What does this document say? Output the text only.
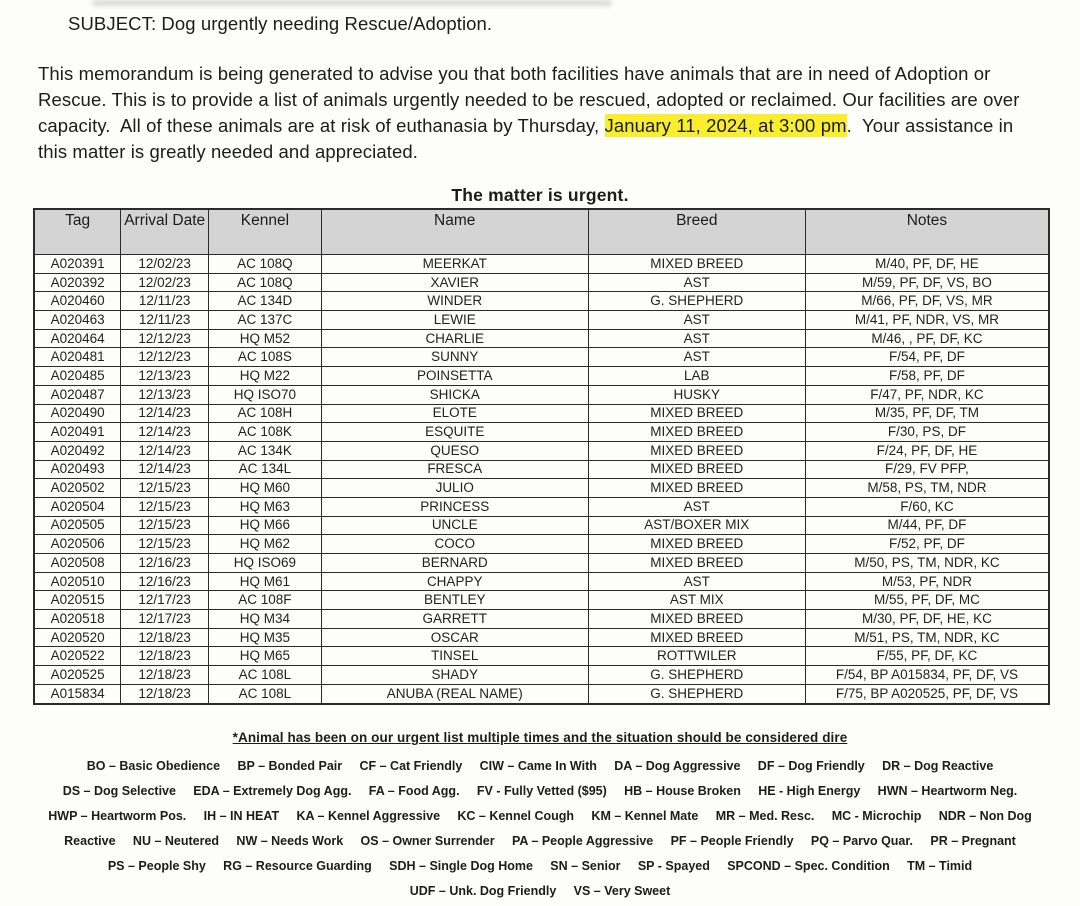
SUBJECT: Dog urgently needing Rescue/Adoption.
This memorandum is being generated to advise you that both facilities have animals that are in need of Adoption or Rescue. This is to provide a list of animals urgently needed to be rescued, adopted or reclaimed. Our facilities are over capacity.  All of these animals are at risk of euthanasia by Thursday, January 11, 2024, at 3:00 pm.  Your assistance in this matter is greatly needed and appreciated.
The matter is urgent.
Tag	Arrival Date	Kennel	Name	Breed	Notes
A020391	12/02/23	AC 108Q	MEERKAT	MIXED BREED	M/40, PF, DF, HE
A020392	12/02/23	AC 108Q	XAVIER	AST	M/59, PF, DF, VS, BO
A020460	12/11/23	AC 134D	WINDER	G. SHEPHERD	M/66, PF, DF, VS, MR
A020463	12/11/23	AC 137C	LEWIE	AST	M/41, PF, NDR, VS, MR
A020464	12/12/23	HQ M52	CHARLIE	AST	M/46, , PF, DF, KC
A020481	12/12/23	AC 108S	SUNNY	AST	F/54, PF, DF
A020485	12/13/23	HQ M22	POINSETTA	LAB	F/58, PF, DF
A020487	12/13/23	HQ ISO70	SHICKA	HUSKY	F/47, PF, NDR, KC
A020490	12/14/23	AC 108H	ELOTE	MIXED BREED	M/35, PF, DF, TM
A020491	12/14/23	AC 108K	ESQUITE	MIXED BREED	F/30, PS, DF
A020492	12/14/23	AC 134K	QUESO	MIXED BREED	F/24, PF, DF, HE
A020493	12/14/23	AC 134L	FRESCA	MIXED BREED	F/29, FV PFP,
A020502	12/15/23	HQ M60	JULIO	MIXED BREED	M/58, PS, TM, NDR
A020504	12/15/23	HQ M63	PRINCESS	AST	F/60, KC
A020505	12/15/23	HQ M66	UNCLE	AST/BOXER MIX	M/44, PF, DF
A020506	12/15/23	HQ M62	COCO	MIXED BREED	F/52, PF, DF
A020508	12/16/23	HQ ISO69	BERNARD	MIXED BREED	M/50, PS, TM, NDR, KC
A020510	12/16/23	HQ M61	CHAPPY	AST	M/53, PF, NDR
A020515	12/17/23	AC 108F	BENTLEY	AST MIX	M/55, PF, DF, MC
A020518	12/17/23	HQ M34	GARRETT	MIXED BREED	M/30, PF, DF, HE, KC
A020520	12/18/23	HQ M35	OSCAR	MIXED BREED	M/51, PS, TM, NDR, KC
A020522	12/18/23	HQ M65	TINSEL	ROTTWILER	F/55, PF, DF, KC
A020525	12/18/23	AC 108L	SHADY	G. SHEPHERD	F/54, BP A015834, PF, DF, VS
A015834	12/18/23	AC 108L	ANUBA (REAL NAME)	G. SHEPHERD	F/75, BP A020525, PF, DF, VS
*Animal has been on our urgent list multiple times and the situation should be considered dire
BO – Basic Obedience     BP – Bonded Pair     CF – Cat Friendly     CIW – Came In With     DA – Dog Aggressive     DF – Dog Friendly     DR – Dog Reactive
DS – Dog Selective     EDA – Extremely Dog Agg.     FA – Food Agg.     FV - Fully Vetted ($95)     HB – House Broken     HE - High Energy     HWN – Heartworm Neg.
HWP – Heartworm Pos.     IH – IN HEAT     KA – Kennel Aggressive     KC – Kennel Cough     KM – Kennel Mate     MR – Med. Resc.     MC - Microchip     NDR – Non Dog
Reactive     NU – Neutered     NW – Needs Work     OS – Owner Surrender     PA – People Aggressive     PF – People Friendly     PQ – Parvo Quar.     PR – Pregnant
PS – People Shy     RG – Resource Guarding     SDH – Single Dog Home     SN – Senior     SP - Spayed     SPCOND – Spec. Condition     TM – Timid
UDF – Unk. Dog Friendly     VS – Very Sweet
